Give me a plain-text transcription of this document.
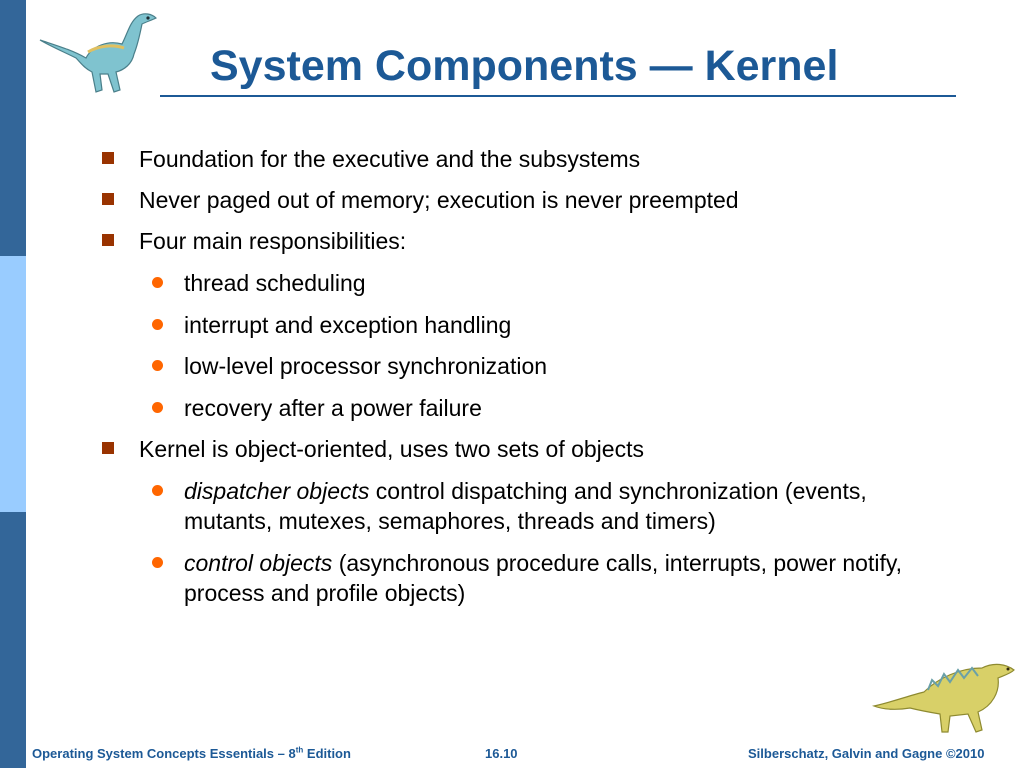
System Components — Kernel
Foundation for the executive and the subsystems
Never paged out of memory; execution is never preempted
Four main responsibilities:
thread scheduling
interrupt and exception handling
low-level processor synchronization
recovery after a power failure
Kernel is object-oriented, uses two sets of objects
dispatcher objects control dispatching and synchronization (events, mutants, mutexes, semaphores, threads and timers)
control objects (asynchronous procedure calls, interrupts, power notify, process and profile objects)
Operating System Concepts Essentials – 8th Edition	16.10	Silberschatz, Galvin and Gagne ©2010
